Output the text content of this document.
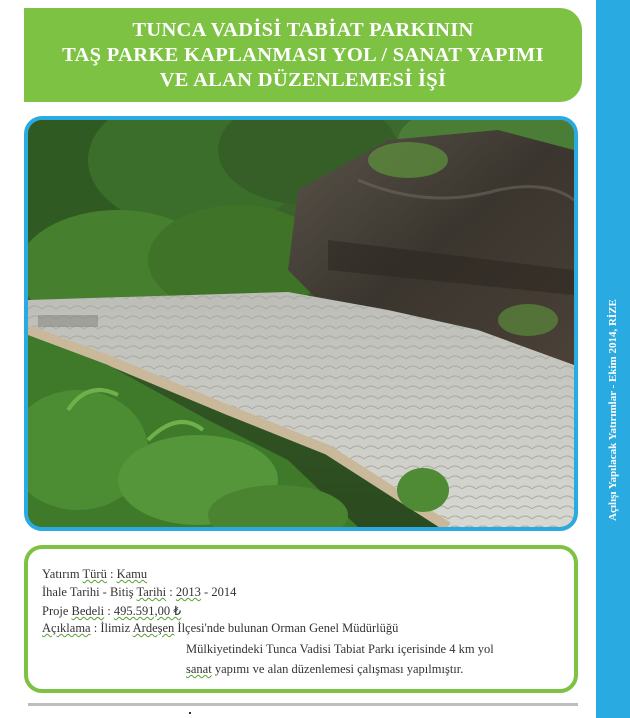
TUNCA VADİSİ TABİAT PARKININ
TAŞ PARKE KAPLANMASI YOL / SANAT YAPIMI
VE ALAN DÜZENLEMESİ İŞİ
Açılışı Yapılacak Yatırımlar - Ekim 2014, RİZE
Yatırım Türü : Kamu
İhale Tarihi - Bitiş Tarihi : 2013 - 2014
Proje Bedeli : 495.591,00 ₺
Açıklama : İlimiz Ardeşen İlçesi'nde bulunan Orman Genel Müdürlüğü
Mülkiyetindeki Tunca Vadisi Tabiat Parkı içerisinde 4 km yol
sanat yapımı ve alan düzenlemesi çalışması yapılmıştır.
